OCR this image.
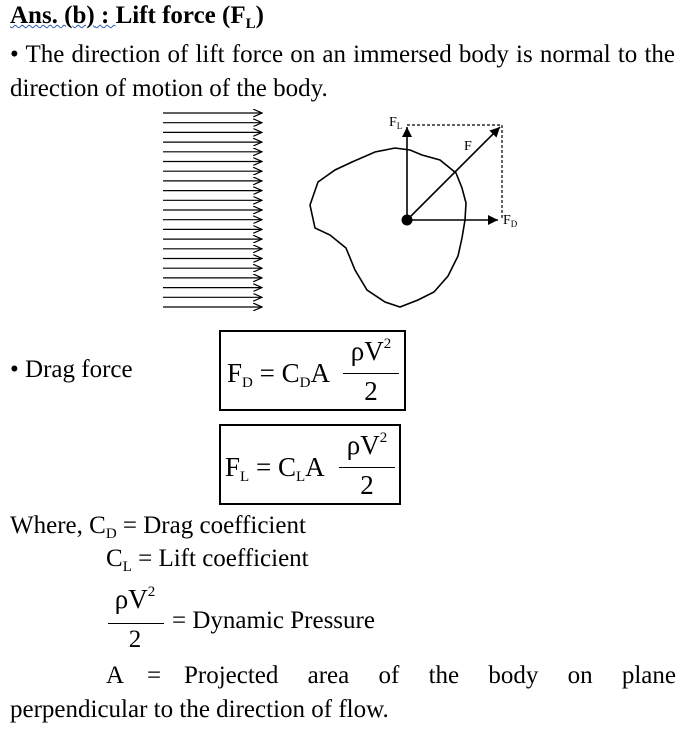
Ans. (b) : Lift force $(F_L)$
• The direction of lift force on an immersed body is normal to the direction of motion of the body.
$F_L$
F
$F_D$
• Drag force	FD = CDA
$\rho V^2$
2
FL = CLA
$\rho V^2$
2
Where, $C_D$ = Drag coefficient
$C_L$ = Lift coefficient
$\rho V^2$
2
= Dynamic Pressure
A = Projected area of the body on plane
perpendicular to the direction of flow.
